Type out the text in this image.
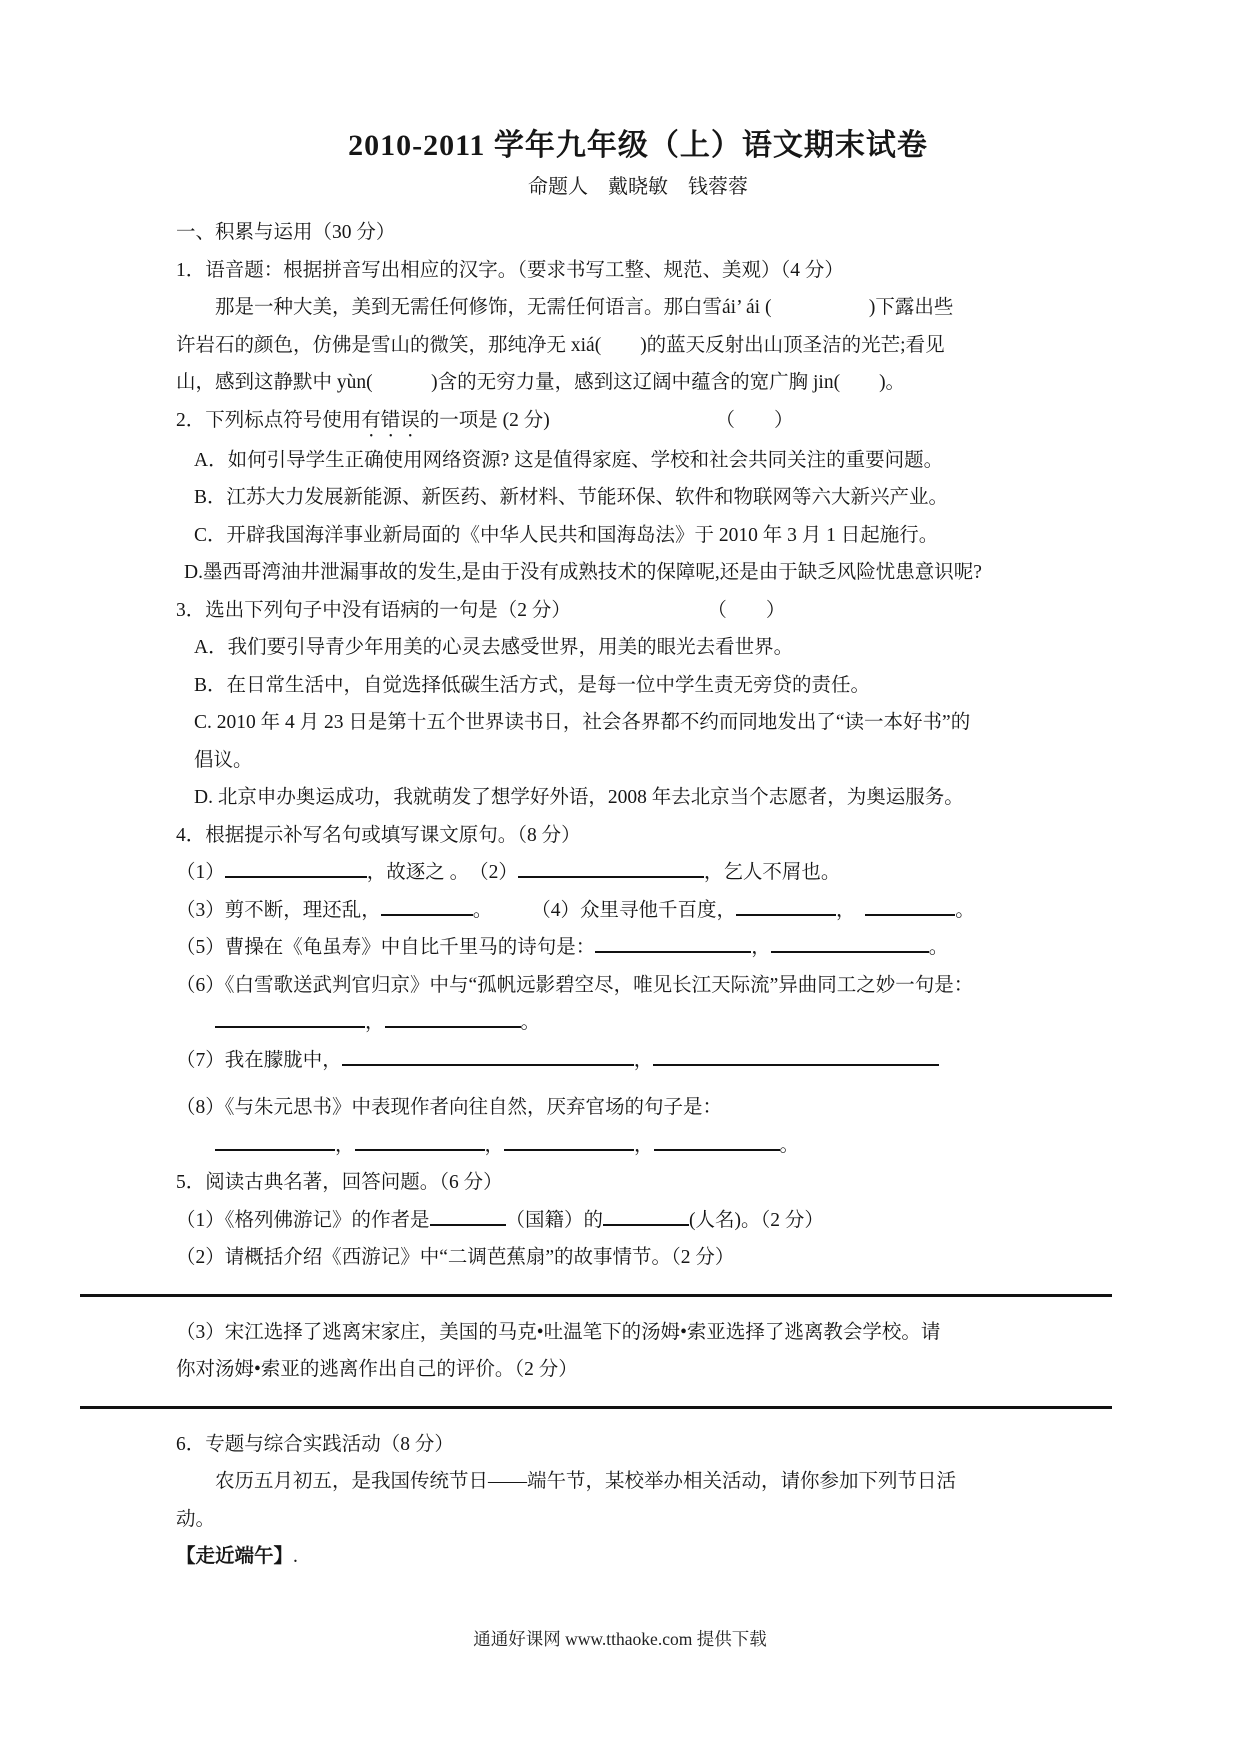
2010-2011 学年九年级（上）语文期末试卷
命题人　戴晓敏　钱蓉蓉
一、积累与运用（30 分）
1．语音题：根据拼音写出相应的汉字。（要求书写工整、规范、美观）（4 分）
那是一种大美，美到无需任何修饰，无需任何语言。那白雪ái’ ái (　　　　　)下露出些
许岩石的颜色，仿佛是雪山的微笑，那纯净无 xiá(　　)的蓝天反射出山顶圣洁的光芒;看见
山，感到这静默中 yùn(　　　)含的无穷力量，感到这辽阔中蕴含的宽广胸 jin(　　)。
2．下列标点符号使用有错误的一项是 (2 分)　　　　　　　　　（　　）
A．如何引导学生正确使用网络资源? 这是值得家庭、学校和社会共同关注的重要问题。
B．江苏大力发展新能源、新医药、新材料、节能环保、软件和物联网等六大新兴产业。
C．开辟我国海洋事业新局面的《中华人民共和国海岛法》于 2010 年 3 月 1 日起施行。
D.墨西哥湾油井泄漏事故的发生,是由于没有成熟技术的保障呢,还是由于缺乏风险忧患意识呢?
3．选出下列句子中没有语病的一句是（2 分）　　　　　　　　（　　）
A．我们要引导青少年用美的心灵去感受世界，用美的眼光去看世界。
B．在日常生活中，自觉选择低碳生活方式，是每一位中学生责无旁贷的责任。
C. 2010 年 4 月 23 日是第十五个世界读书日，社会各界都不约而同地发出了“读一本好书”的
倡议。
D. 北京申办奥运成功，我就萌发了想学好外语，2008 年去北京当个志愿者，为奥运服务。
4．根据提示补写名句或填写课文原句。（8 分）
（1）	，故逐之 。　（2）	，乞人不屑也。
（3）剪不断，理还乱，	。　　　（4）众里寻他千百度，	，　	。
（5）曹操在《龟虽寿》中自比千里马的诗句是：	，	。
（6）《白雪歌送武判官归京》中与“孤帆远影碧空尽，唯见长江天际流”异曲同工之妙一句是：
，	。
（7）我在朦胧中，	，
（8）《与朱元思书》中表现作者向往自然，厌弃官场的句子是：
，	，	，	。
5．阅读古典名著，回答问题。（6 分）
（1）《格列佛游记》的作者是	（国籍）的	(人名)。（2 分）
（2）请概括介绍《西游记》中“二调芭蕉扇”的故事情节。（2 分）
（3）宋江选择了逃离宋家庄，美国的马克•吐温笔下的汤姆•索亚选择了逃离教会学校。请
你对汤姆•索亚的逃离作出自己的评价。（2 分）
6．专题与综合实践活动（8 分）
农历五月初五，是我国传统节日——端午节，某校举办相关活动，请你参加下列节日活
动。
【走近端午】.
通通好课网 www.tthaoke.com 提供下载
